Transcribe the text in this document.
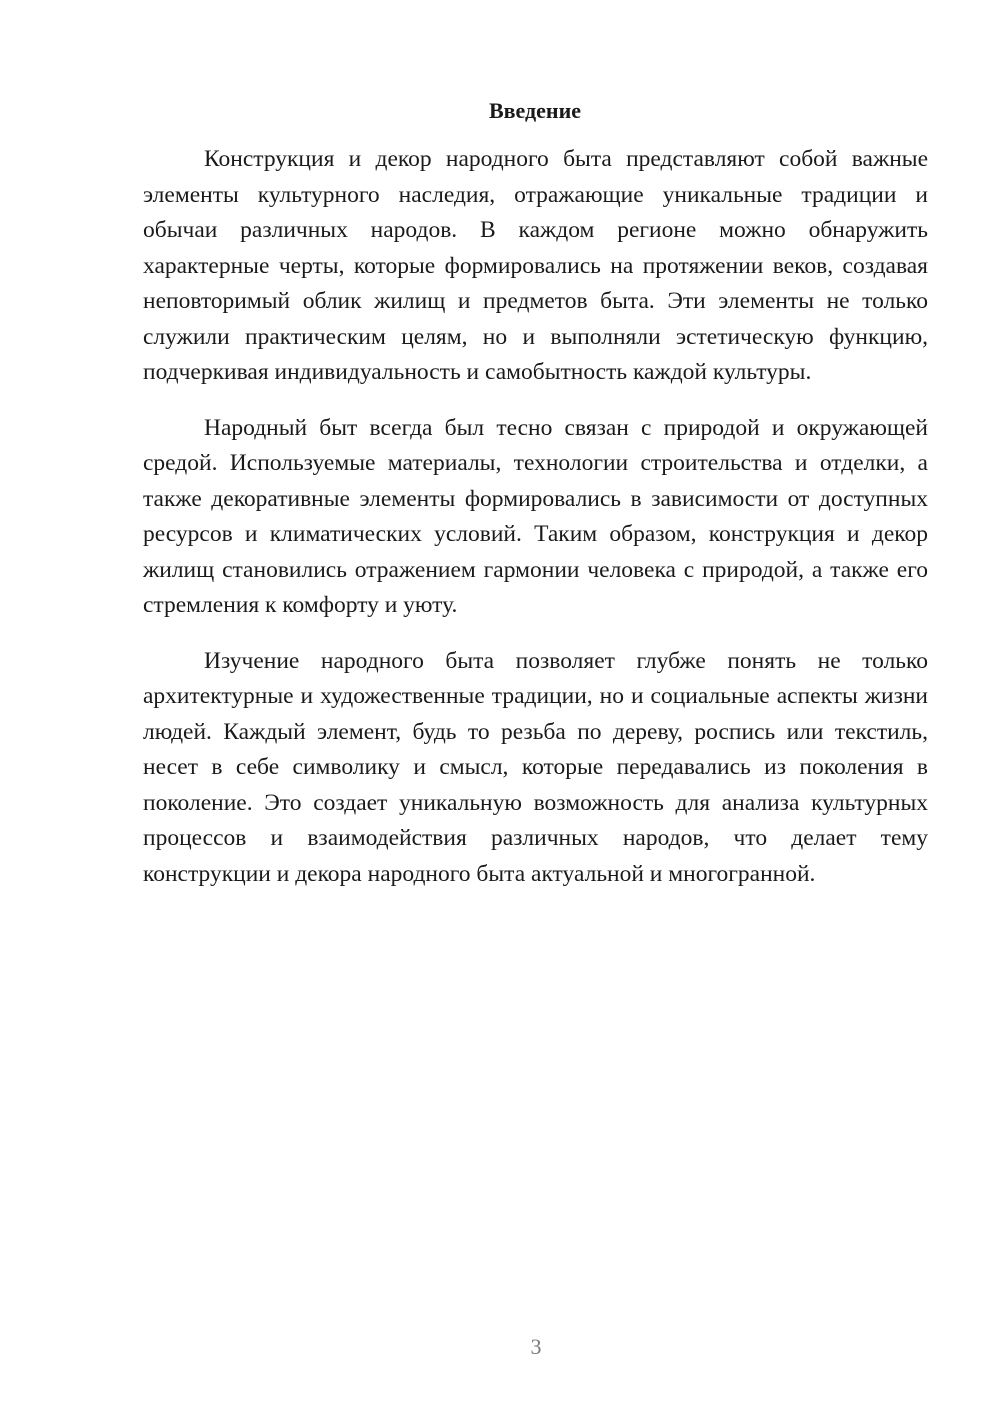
Введение

Конструкция и декор народного быта представляют собой важные элементы культурного наследия, отражающие уникальные традиции и обычаи различных народов. В каждом регионе можно обнаружить характерные черты, которые формировались на протяжении веков, создавая неповторимый облик жилищ и предметов быта. Эти элементы не только служили практическим целям, но и выполняли эстетическую функцию, подчеркивая индивидуальность и самобытность каждой культуры.

Народный быт всегда был тесно связан с природой и окружающей средой. Используемые материалы, технологии строительства и отделки, а также декоративные элементы формировались в зависимости от доступных ресурсов и климатических условий. Таким образом, конструкция и декор жилищ становились отражением гармонии человека с природой, а также его стремления к комфорту и уюту.

Изучение народного быта позволяет глубже понять не только архитектурные и художественные традиции, но и социальные аспекты жизни людей. Каждый элемент, будь то резьба по дереву, роспись или текстиль, несет в себе символику и смысл, которые передавались из поколения в поколение. Это создает уникальную возможность для анализа культурных процессов и взаимодействия различных народов, что делает тему конструкции и декора народного быта актуальной и многогранной.

3
